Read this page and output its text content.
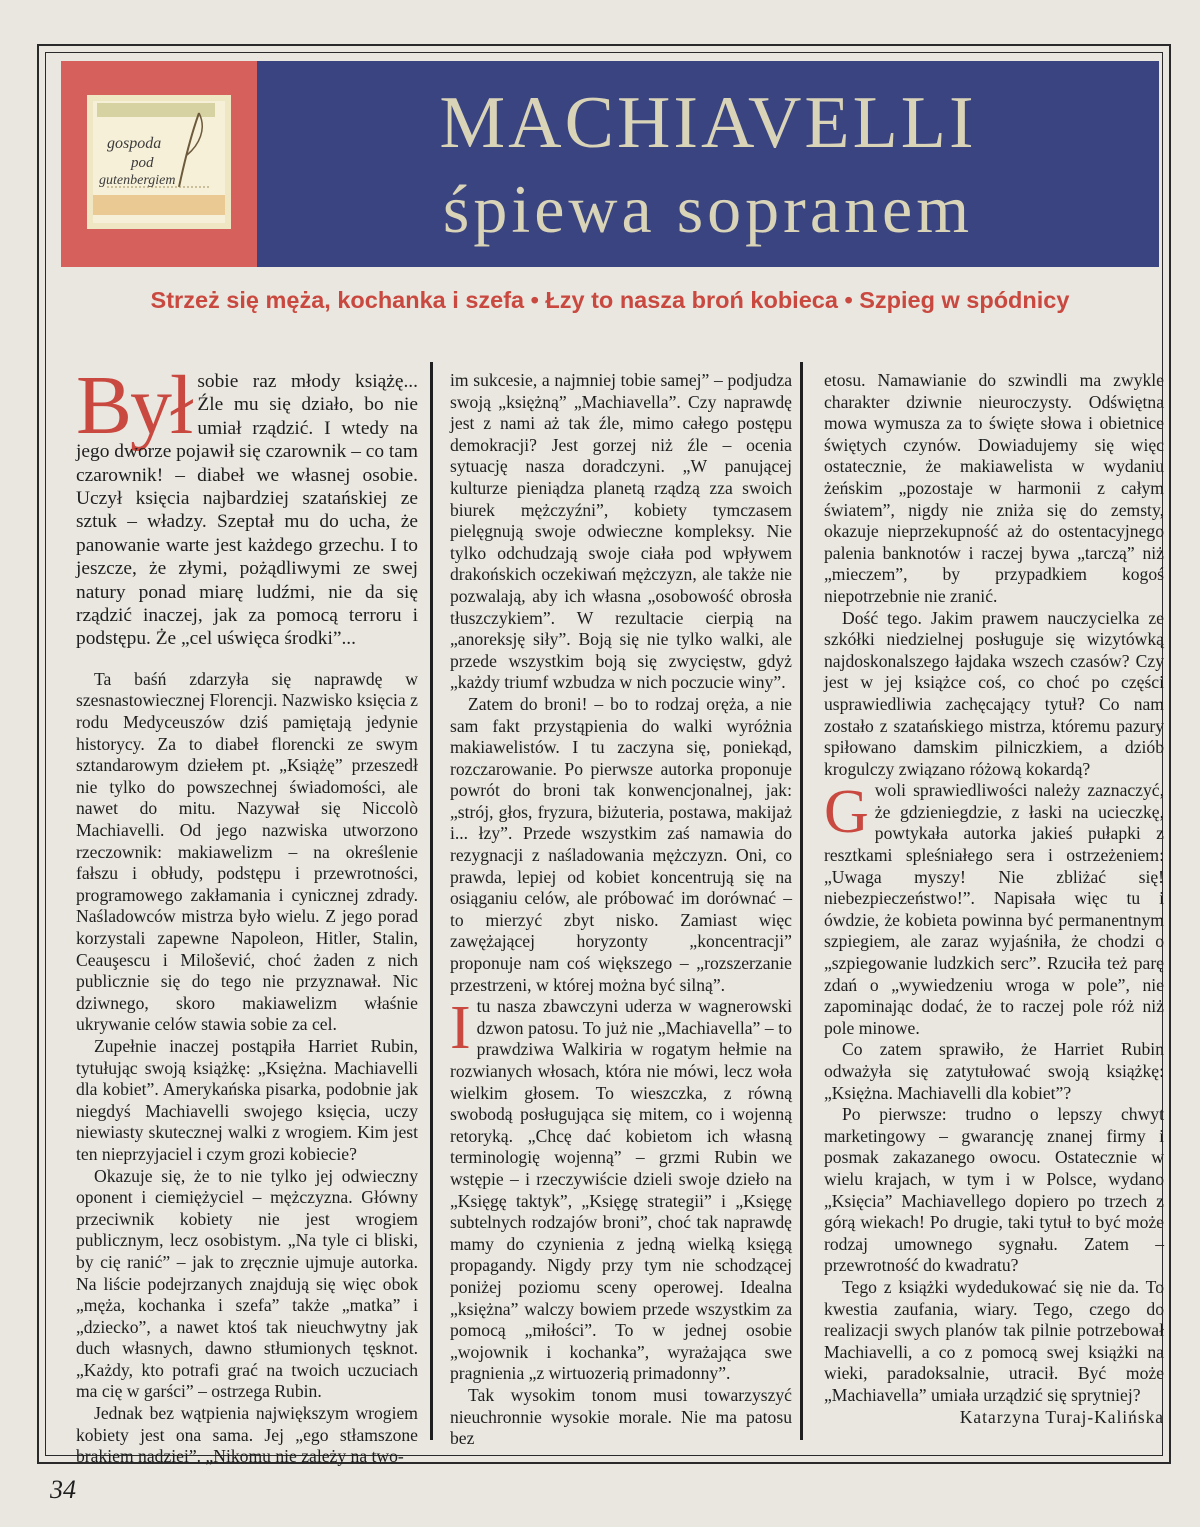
gospoda
pod
gutenbergiem
MACHIAVELLI
śpiewa sopranem
Strzeż się męża, kochanka i szefa • Łzy to nasza broń kobieca • Szpieg w spódnicy

Był sobie raz młody książę... Źle mu się działo, bo nie umiał rządzić. I wtedy na jego dworze pojawił się czarownik – co tam czarownik! – diabeł we własnej osobie. Uczył księcia najbardziej szatańskiej ze sztuk – władzy. Szeptał mu do ucha, że panowanie warte jest każdego grzechu. I to jeszcze, że złymi, pożądliwymi ze swej natury ponad miarę ludźmi, nie da się rządzić inaczej, jak za pomocą terroru i podstępu. Że „cel uświęca środki”...

Ta baśń zdarzyła się naprawdę w szesnastowiecznej Florencji. Nazwisko księcia z rodu Medyceuszów dziś pamiętają jedynie historycy. Za to diabeł florencki ze swym sztandarowym dziełem pt. „Książę” przeszedł nie tylko do powszechnej świadomości, ale nawet do mitu. Nazywał się Niccolò Machiavelli. Od jego nazwiska utworzono rzeczownik: makiawelizm – na określenie fałszu i obłudy, podstępu i przewrotności, programowego zakłamania i cynicznej zdrady. Naśladowców mistrza było wielu. Z jego porad korzystali zapewne Napoleon, Hitler, Stalin, Ceauşescu i Milošević, choć żaden z nich publicznie się do tego nie przyznawał. Nic dziwnego, skoro makiawelizm właśnie ukrywanie celów stawia sobie za cel.

Zupełnie inaczej postąpiła Harriet Rubin, tytułując swoją książkę: „Księżna. Machiavelli dla kobiet”. Amerykańska pisarka, podobnie jak niegdyś Machiavelli swojego księcia, uczy niewiasty skutecznej walki z wrogiem. Kim jest ten nieprzyjaciel i czym grozi kobiecie?

Okazuje się, że to nie tylko jej odwieczny oponent i ciemiężyciel – mężczyzna. Główny przeciwnik kobiety nie jest wrogiem publicznym, lecz osobistym. „Na tyle ci bliski, by cię ranić” – jak to zręcznie ujmuje autorka. Na liście podejrzanych znajdują się więc obok „męża, kochanka i szefa” także „matka” i „dziecko”, a nawet ktoś tak nieuchwytny jak duch własnych, dawno stłumionych tęsknot. „Każdy, kto potrafi grać na twoich uczuciach ma cię w garści” – ostrzega Rubin.

Jednak bez wątpienia największym wrogiem kobiety jest ona sama. Jej „ego stłamszone brakiem nadziei”. „Nikomu nie zależy na two-

im sukcesie, a najmniej tobie samej” – podjudza swoją „księżną” „Machiavella”. Czy naprawdę jest z nami aż tak źle, mimo całego postępu demokracji? Jest gorzej niż źle – ocenia sytuację nasza doradczyni. „W panującej kulturze pieniądza planetą rządzą zza swoich biurek mężczyźni”, kobiety tymczasem pielęgnują swoje odwieczne kompleksy. Nie tylko odchudzają swoje ciała pod wpływem drakońskich oczekiwań mężczyzn, ale także nie pozwalają, aby ich własna „osobowość obrosła tłuszczykiem”. W rezultacie cierpią na „anoreksję siły”. Boją się nie tylko walki, ale przede wszystkim boją się zwycięstw, gdyż „każdy triumf wzbudza w nich poczucie winy”.

Zatem do broni! – bo to rodzaj oręża, a nie sam fakt przystąpienia do walki wyróżnia makiawelistów. I tu zaczyna się, poniekąd, rozczarowanie. Po pierwsze autorka proponuje powrót do broni tak konwencjonalnej, jak: „strój, głos, fryzura, biżuteria, postawa, makijaż i... łzy”. Przede wszystkim zaś namawia do rezygnacji z naśladowania mężczyzn. Oni, co prawda, lepiej od kobiet koncentrują się na osiąganiu celów, ale próbować im dorównać – to mierzyć zbyt nisko. Zamiast więc zawężającej horyzonty „koncentracji” proponuje nam coś większego – „rozszerzanie przestrzeni, w której można być silną”.

Itu nasza zbawczyni uderza w wagnerowski dzwon patosu. To już nie „Machiavella” – to prawdziwa Walkiria w rogatym hełmie na rozwianych włosach, która nie mówi, lecz woła wielkim głosem. To wieszczka, z równą swobodą posługująca się mitem, co i wojenną retoryką. „Chcę dać kobietom ich własną terminologię wojenną” – grzmi Rubin we wstępie – i rzeczywiście dzieli swoje dzieło na „Księgę taktyk”, „Księgę strategii” i „Księgę subtelnych rodzajów broni”, choć tak naprawdę mamy do czynienia z jedną wielką księgą propagandy. Nigdy przy tym nie schodzącej poniżej poziomu sceny operowej. Idealna „księżna” walczy bowiem przede wszystkim za pomocą „miłości”. To w jednej osobie „wojownik i kochanka”, wyrażająca swe pragnienia „z wirtuozerią primadonny”.

Tak wysokim tonom musi towarzyszyć nieuchronnie wysokie morale. Nie ma patosu bez

etosu. Namawianie do szwindli ma zwykle charakter dziwnie nieuroczysty. Odświętna mowa wymusza za to święte słowa i obietnice świętych czynów. Dowiadujemy się więc ostatecznie, że makiawelista w wydaniu żeńskim „pozostaje w harmonii z całym światem”, nigdy nie zniża się do zemsty, okazuje nieprzekupność aż do ostentacyjnego palenia banknotów i raczej bywa „tarczą” niż „mieczem”, by przypadkiem kogoś niepotrzebnie nie zranić.

Dość tego. Jakim prawem nauczycielka ze szkółki niedzielnej posługuje się wizytówką najdoskonalszego łajdaka wszech czasów? Czy jest w jej książce coś, co choć po części usprawiedliwia zachęcający tytuł? Co nam zostało z szatańskiego mistrza, któremu pazury spiłowano damskim pilniczkiem, a dziób krogulczy związano różową kokardą?

Gwoli sprawiedliwości należy zaznaczyć, że gdzieniegdzie, z łaski na ucieczkę, powtykała autorka jakieś pułapki z resztkami spleśniałego sera i ostrzeżeniem: „Uwaga myszy! Nie zbliżać się! niebezpieczeństwo!”. Napisała więc tu i ówdzie, że kobieta powinna być permanentnym szpiegiem, ale zaraz wyjaśniła, że chodzi o „szpiegowanie ludzkich serc”. Rzuciła też parę zdań o „wywiedzeniu wroga w pole”, nie zapominając dodać, że to raczej pole róż niż pole minowe.

Co zatem sprawiło, że Harriet Rubin odważyła się zatytułować swoją książkę: „Księżna. Machiavelli dla kobiet”?

Po pierwsze: trudno o lepszy chwyt marketingowy – gwarancję znanej firmy i posmak zakazanego owocu. Ostatecznie w wielu krajach, w tym i w Polsce, wydano „Księcia” Machiavellego dopiero po trzech z górą wiekach! Po drugie, taki tytuł to być może rodzaj umownego sygnału. Zatem – przewrotność do kwadratu?

Tego z książki wydedukować się nie da. To kwestia zaufania, wiary. Tego, czego do realizacji swych planów tak pilnie potrzebował Machiavelli, a co z pomocą swej książki na wieki, paradoksalnie, utracił. Być może „Machiavella” umiała urządzić się sprytniej?

Katarzyna Turaj-Kalińska

34
